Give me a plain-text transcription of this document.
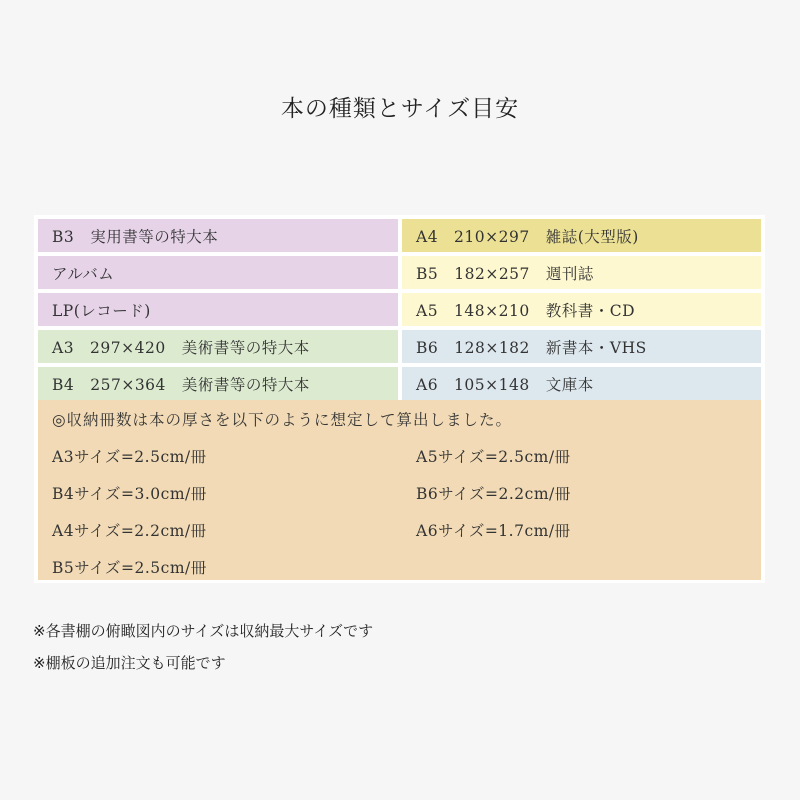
本の種類とサイズ目安
B3　実用書等の特大本
アルバム
LP(レコード)
A3　297×420　美術書等の特大本
B4　257×364　美術書等の特大本
A4　210×297　雑誌(大型版)
B5　182×257　週刊誌
A5　148×210　教科書・CD
B6　128×182　新書本・VHS
A6　105×148　文庫本
◎収納冊数は本の厚さを以下のように想定して算出しました。
A3サイズ=2.5cm/冊
B4サイズ=3.0cm/冊
A4サイズ=2.2cm/冊
B5サイズ=2.5cm/冊
A5サイズ=2.5cm/冊
B6サイズ=2.2cm/冊
A6サイズ=1.7cm/冊
※各書棚の俯瞰図内のサイズは収納最大サイズです
※棚板の追加注文も可能です
